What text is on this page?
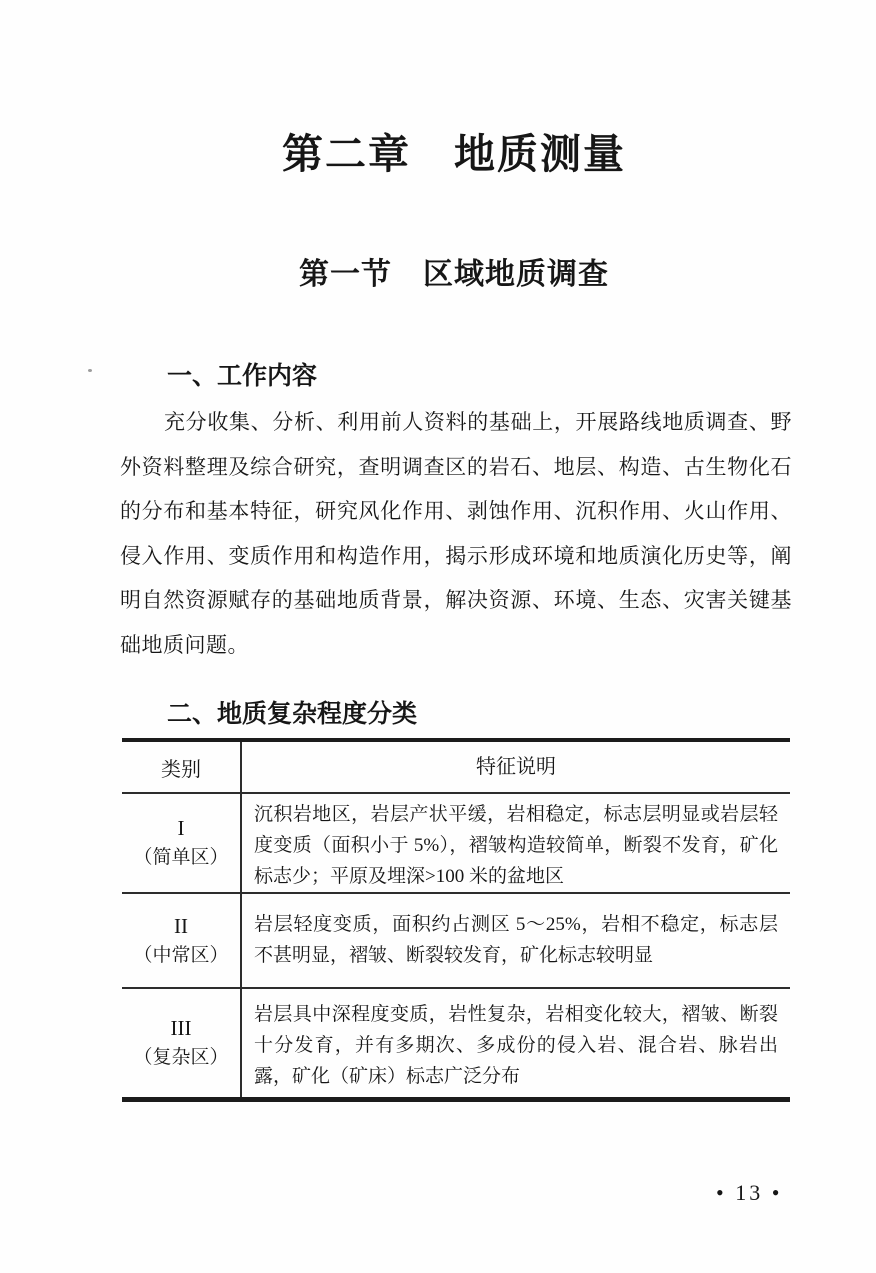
第二章　地质测量
第一节　区域地质调查
一、工作内容
充分收集、分析、利用前人资料的基础上，开展路线地质调查、野
外资料整理及综合研究，查明调查区的岩石、地层、构造、古生物化石
的分布和基本特征，研究风化作用、剥蚀作用、沉积作用、火山作用、
侵入作用、变质作用和构造作用，揭示形成环境和地质演化历史等，阐
明自然资源赋存的基础地质背景，解决资源、环境、生态、灾害关键基
础地质问题。
二、地质复杂程度分类
类别	特征说明
I
（简单区）
沉积岩地区，岩层产状平缓，岩相稳定，标志层明显或岩层轻度变质（面积小于 5%），褶皱构造较简单，断裂不发育，矿化标志少；平原及埋深>100 米的盆地区
II
（中常区）
岩层轻度变质，面积约占测区 5～25%，岩相不稳定，标志层不甚明显，褶皱、断裂较发育，矿化标志较明显
III
（复杂区）
岩层具中深程度变质，岩性复杂，岩相变化较大，褶皱、断裂十分发育，并有多期次、多成份的侵入岩、混合岩、脉岩出露，矿化（矿床）标志广泛分布
• 13 •
